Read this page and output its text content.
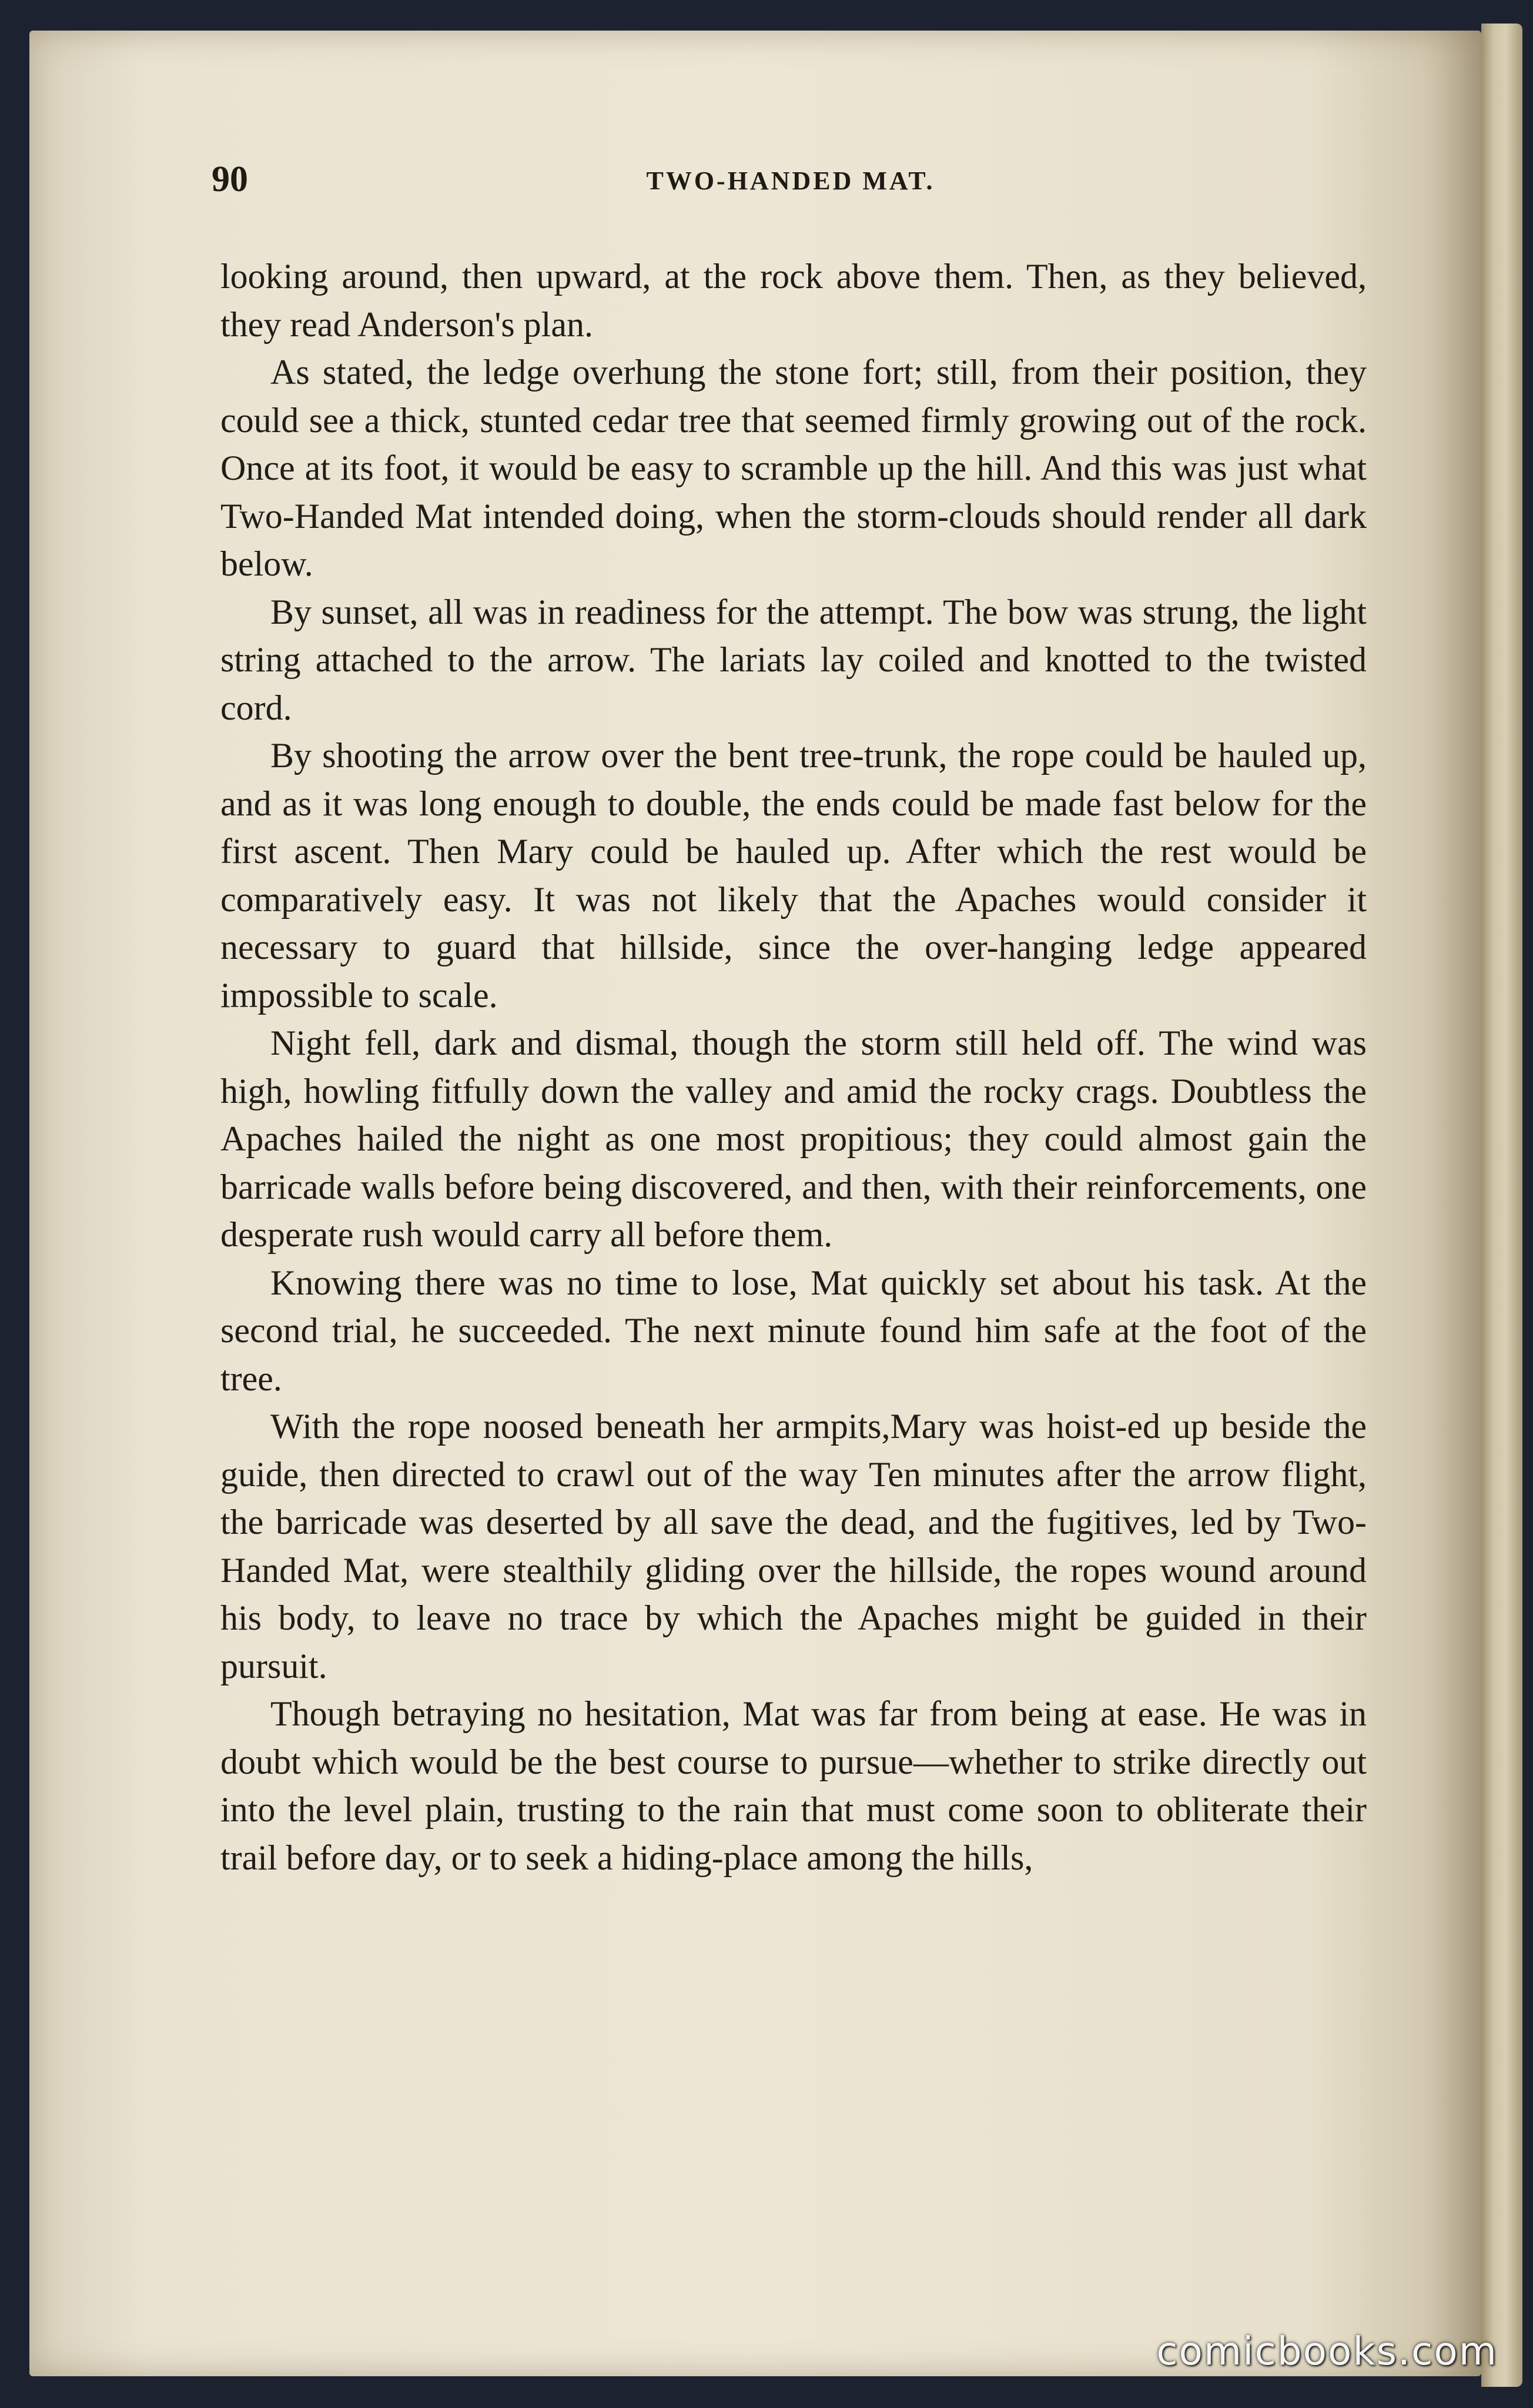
90	TWO-HANDED MAT.

looking around, then upward, at the rock above them. Then, as they believed, they read Anderson's plan.

As stated, the ledge overhung the stone fort; still, from their position, they could see a thick, stunted cedar tree that seemed firmly growing out of the rock. Once at its foot, it would be easy to scramble up the hill. And this was just what Two-Handed Mat intended doing, when the storm-clouds should render all dark below.

By sunset, all was in readiness for the attempt. The bow was strung, the light string attached to the arrow. The lariats lay coiled and knotted to the twisted cord.

By shooting the arrow over the bent tree-trunk, the rope could be hauled up, and as it was long enough to double, the ends could be made fast below for the first ascent. Then Mary could be hauled up. After which the rest would be comparatively easy. It was not likely that the Apaches would consider it necessary to guard that hillside, since the over-hanging ledge appeared impossible to scale.

Night fell, dark and dismal, though the storm still held off. The wind was high, howling fitfully down the valley and amid the rocky crags. Doubtless the Apaches hailed the night as one most propitious; they could almost gain the barricade walls before being discovered, and then, with their reinforcements, one desperate rush would carry all before them.

Knowing there was no time to lose, Mat quickly set about his task. At the second trial, he succeeded. The next minute found him safe at the foot of the tree.

With the rope noosed beneath her armpits,Mary was hoist-ed up beside the guide, then directed to crawl out of the way Ten minutes after the arrow flight, the barricade was deserted by all save the dead, and the fugitives, led by Two-Handed Mat, were stealthily gliding over the hillside, the ropes wound around his body, to leave no trace by which the Apaches might be guided in their pursuit.

Though betraying no hesitation, Mat was far from being at ease. He was in doubt which would be the best course to pursue—whether to strike directly out into the level plain, trusting to the rain that must come soon to obliterate their trail before day, or to seek a hiding-place among the hills,

comicbooks.com
